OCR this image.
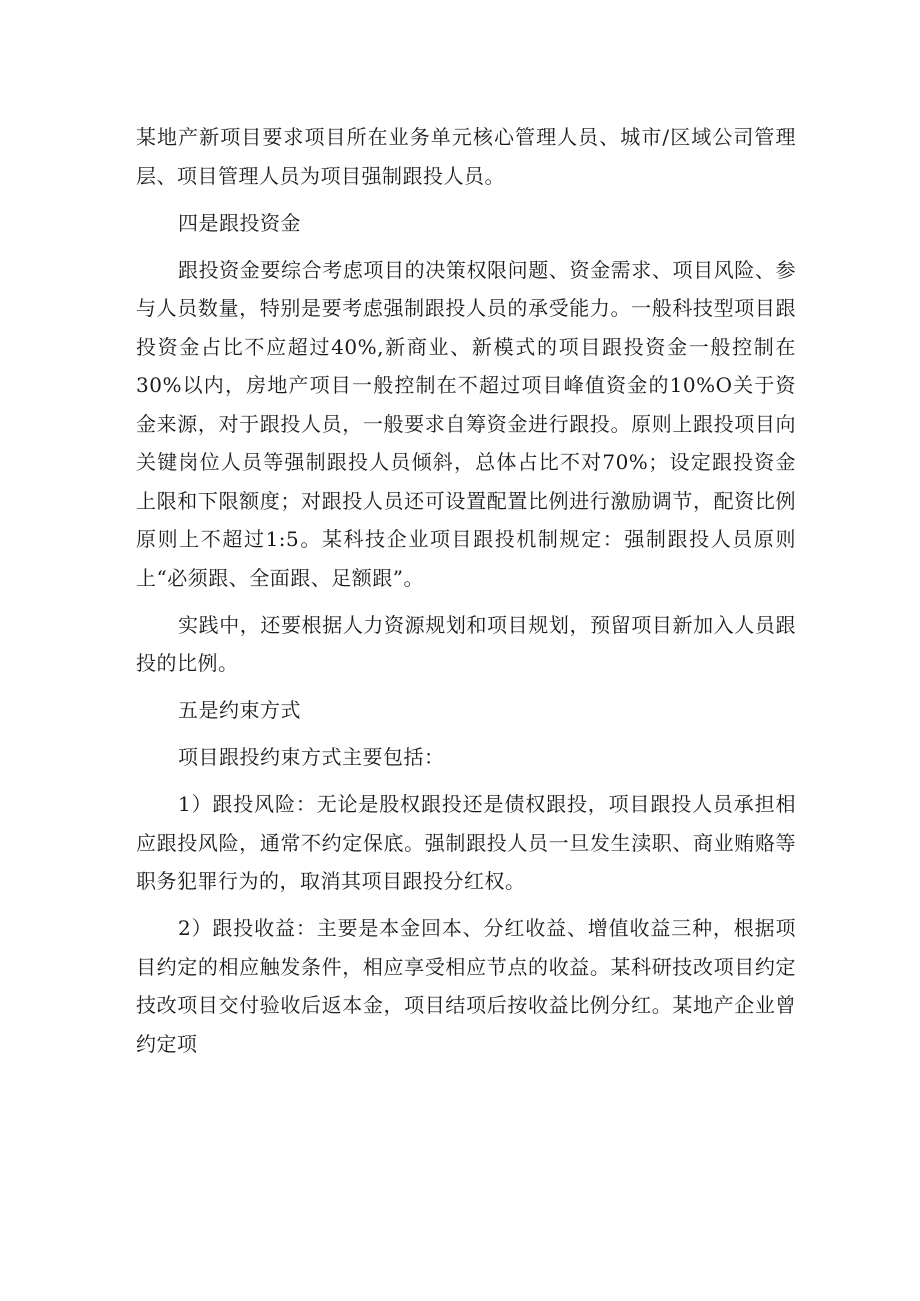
某地产新项目要求项目所在业务单元核心管理人员、城市/区域公司管理层、项目管理人员为项目强制跟投人员。

四是跟投资金

跟投资金要综合考虑项目的决策权限问题、资金需求、项目风险、参与人员数量，特别是要考虑强制跟投人员的承受能力。一般科技型项目跟投资金占比不应超过40%,新商业、新模式的项目跟投资金一般控制在30%以内，房地产项目一般控制在不超过项目峰值资金的10%O关于资金来源，对于跟投人员，一般要求自筹资金进行跟投。原则上跟投项目向关键岗位人员等强制跟投人员倾斜，总体占比不对70%；设定跟投资金上限和下限额度；对跟投人员还可设置配置比例进行激励调节，配资比例原则上不超过1:5。某科技企业项目跟投机制规定：强制跟投人员原则上“必须跟、全面跟、足额跟”。

实践中，还要根据人力资源规划和项目规划，预留项目新加入人员跟投的比例。

五是约束方式

项目跟投约束方式主要包括：

1）跟投风险：无论是股权跟投还是债权跟投，项目跟投人员承担相应跟投风险，通常不约定保底。强制跟投人员一旦发生渎职、商业贿赂等职务犯罪行为的，取消其项目跟投分红权。

2）跟投收益：主要是本金回本、分红收益、增值收益三种，根据项目约定的相应触发条件，相应享受相应节点的收益。某科研技改项目约定技改项目交付验收后返本金，项目结项后按收益比例分红。某地产企业曾约定项
